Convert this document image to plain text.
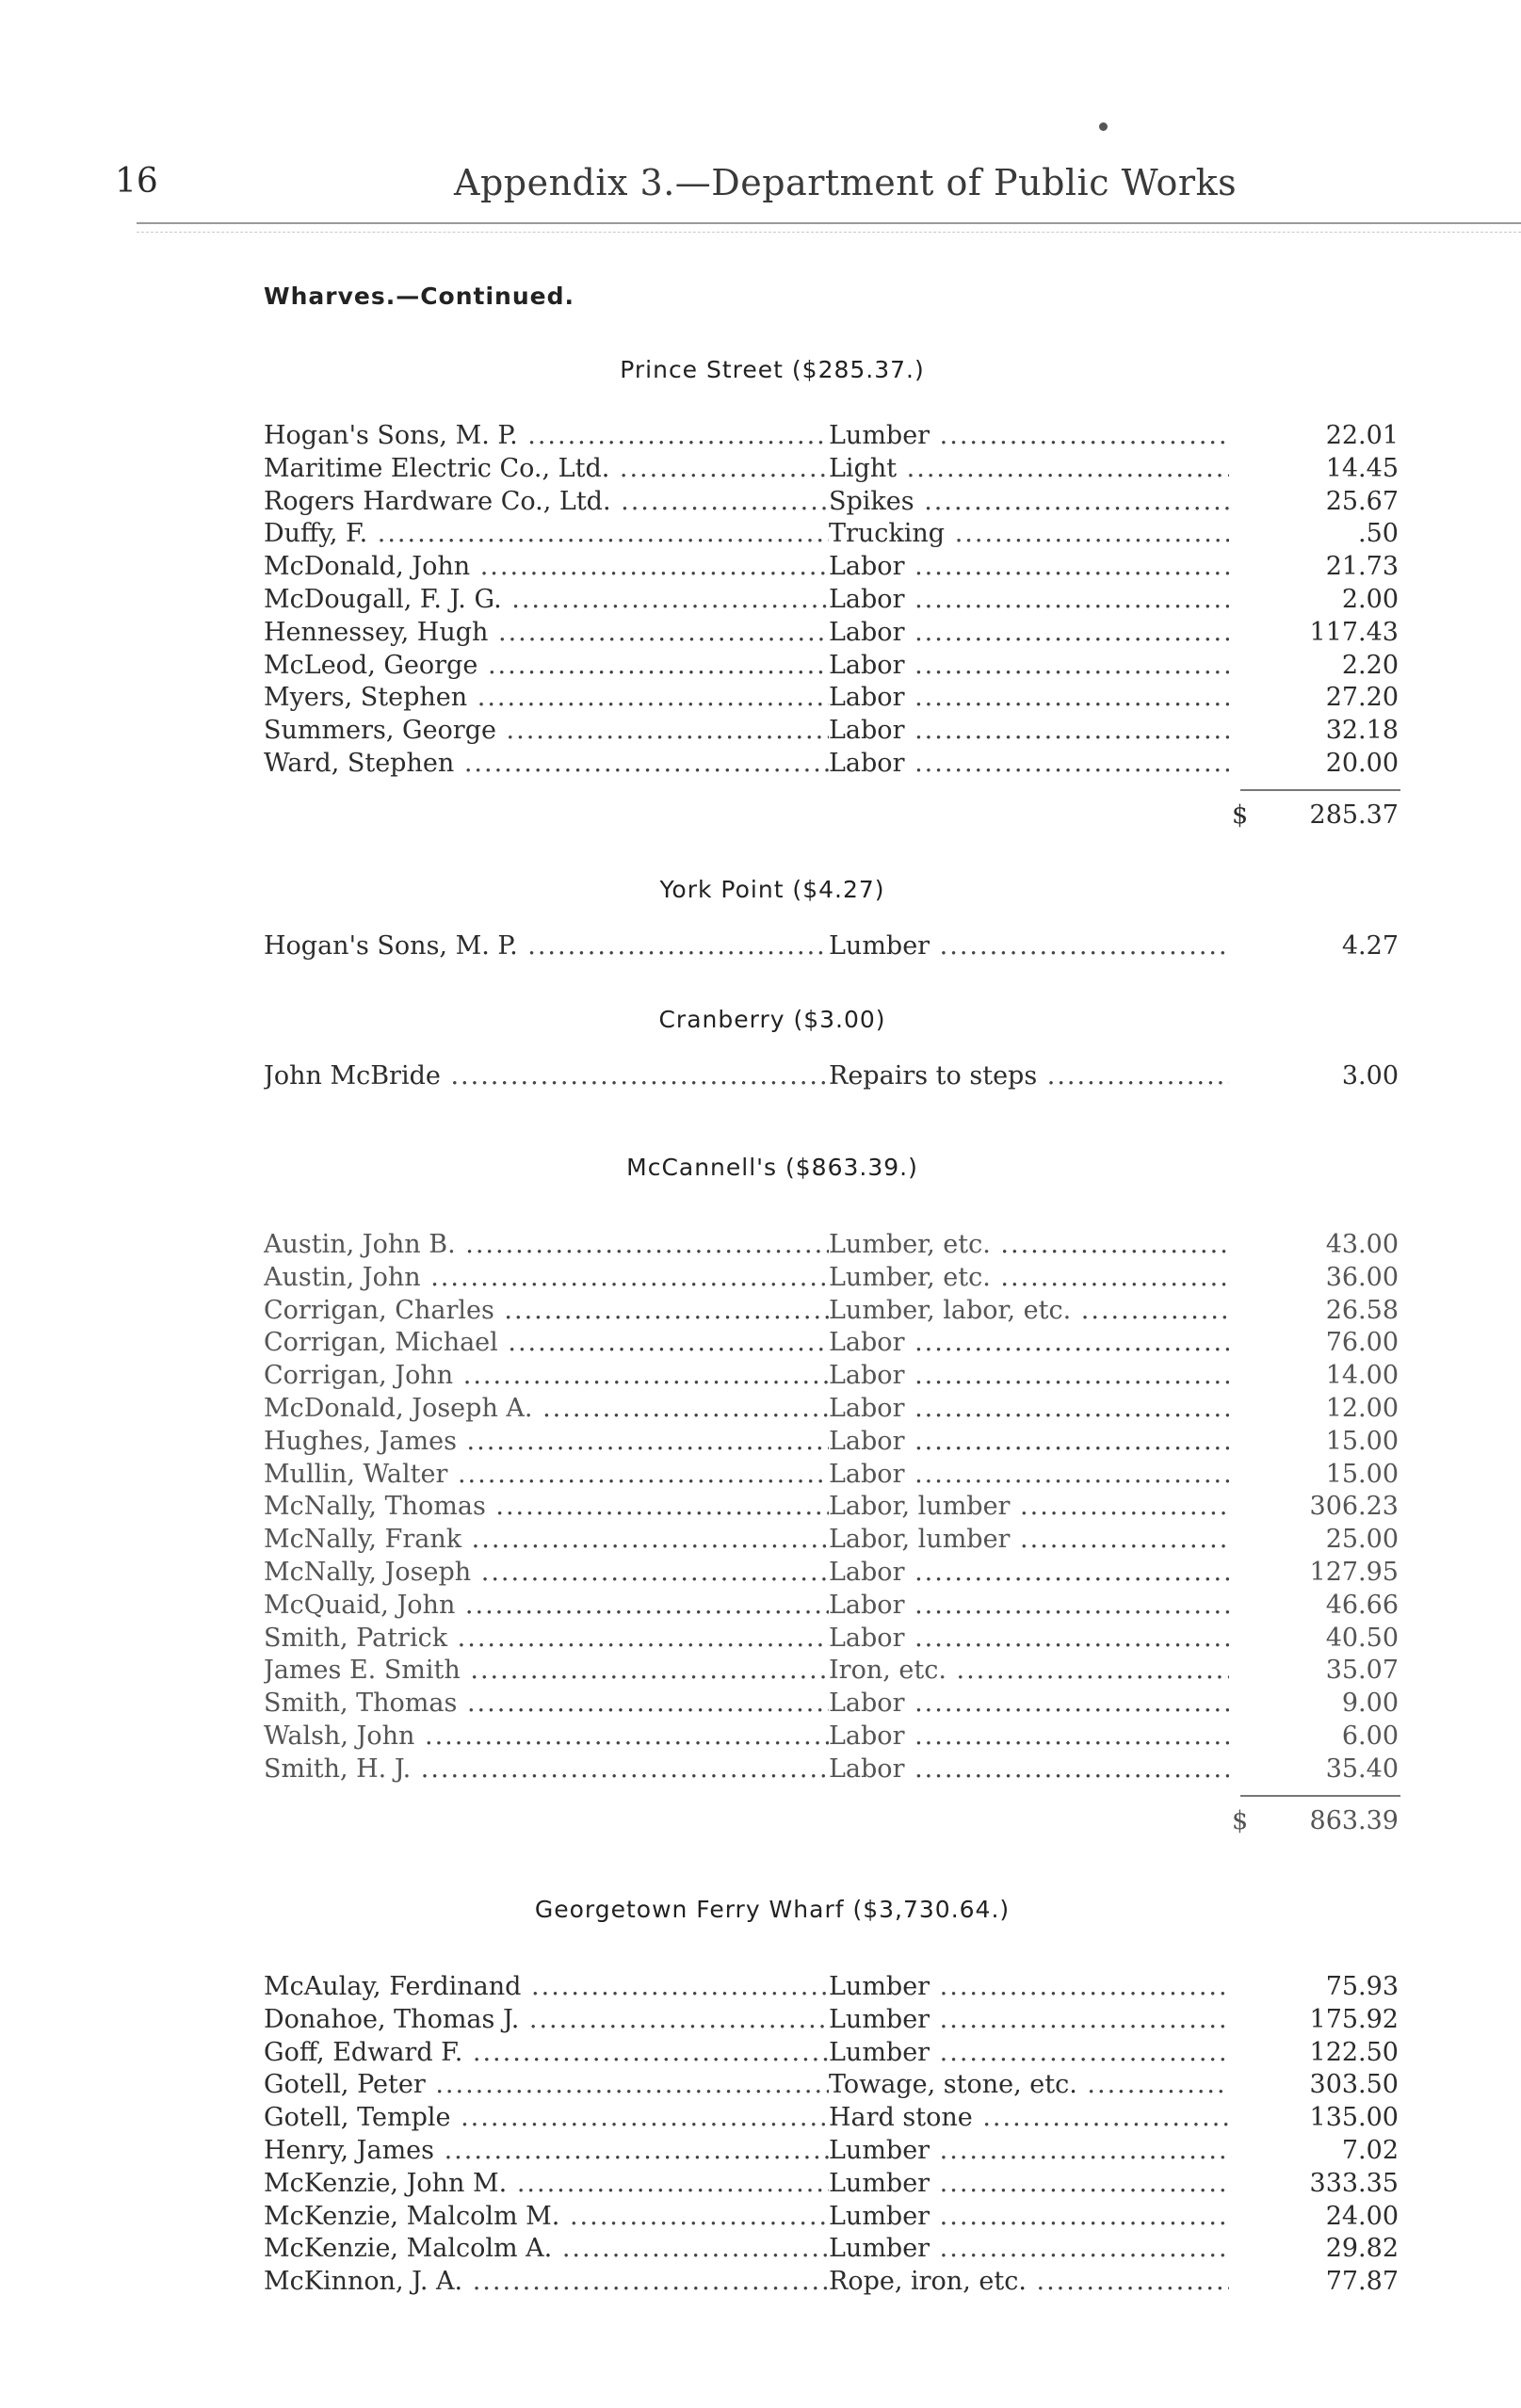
16	Appendix 3.—Department of Public Works
Wharves.—Continued.
Prince Street ($285.37.)
Hogan's Sons, M. P. .....	Lumber .....	22.01
Maritime Electric Co., Ltd. .....	Light .....	14.45
Rogers Hardware Co., Ltd. .....	Spikes .....	25.67
Duffy, F. .....	Trucking .....	.50
McDonald, John .....	Labor .....	21.73
McDougall, F. J. G. .....	Labor .....	2.00
Hennessey, Hugh .....	Labor .....	117.43
McLeod, George .....	Labor .....	2.20
Myers, Stephen .....	Labor .....	27.20
Summers, George .....	Labor .....	32.18
Ward, Stephen .....	Labor .....	20.00
$	285.37
York Point ($4.27)
Hogan's Sons, M. P. .....	Lumber .....	4.27
Cranberry ($3.00)
John McBride .....	Repairs to steps .....	3.00
McCannell's ($863.39.)
Austin, John B. .....	Lumber, etc. .....	43.00
Austin, John .....	Lumber, etc. .....	36.00
Corrigan, Charles .....	Lumber, labor, etc. .....	26.58
Corrigan, Michael .....	Labor .....	76.00
Corrigan, John .....	Labor .....	14.00
McDonald, Joseph A. .....	Labor .....	12.00
Hughes, James .....	Labor .....	15.00
Mullin, Walter .....	Labor .....	15.00
McNally, Thomas .....	Labor, lumber .....	306.23
McNally, Frank .....	Labor, lumber .....	25.00
McNally, Joseph .....	Labor .....	127.95
McQuaid, John .....	Labor .....	46.66
Smith, Patrick .....	Labor .....	40.50
James E. Smith .....	Iron, etc. .....	35.07
Smith, Thomas .....	Labor .....	9.00
Walsh, John .....	Labor .....	6.00
Smith, H. J. .....	Labor .....	35.40
$	863.39
Georgetown Ferry Wharf ($3,730.64.)
McAulay, Ferdinand .....	Lumber .....	75.93
Donahoe, Thomas J. .....	Lumber .....	175.92
Goff, Edward F. .....	Lumber .....	122.50
Gotell, Peter .....	Towage, stone, etc. .....	303.50
Gotell, Temple .....	Hard stone .....	135.00
Henry, James .....	Lumber .....	7.02
McKenzie, John M. .....	Lumber .....	333.35
McKenzie, Malcolm M. .....	Lumber .....	24.00
McKenzie, Malcolm A. .....	Lumber .....	29.82
McKinnon, J. A. .....	Rope, iron, etc. .....	77.87
